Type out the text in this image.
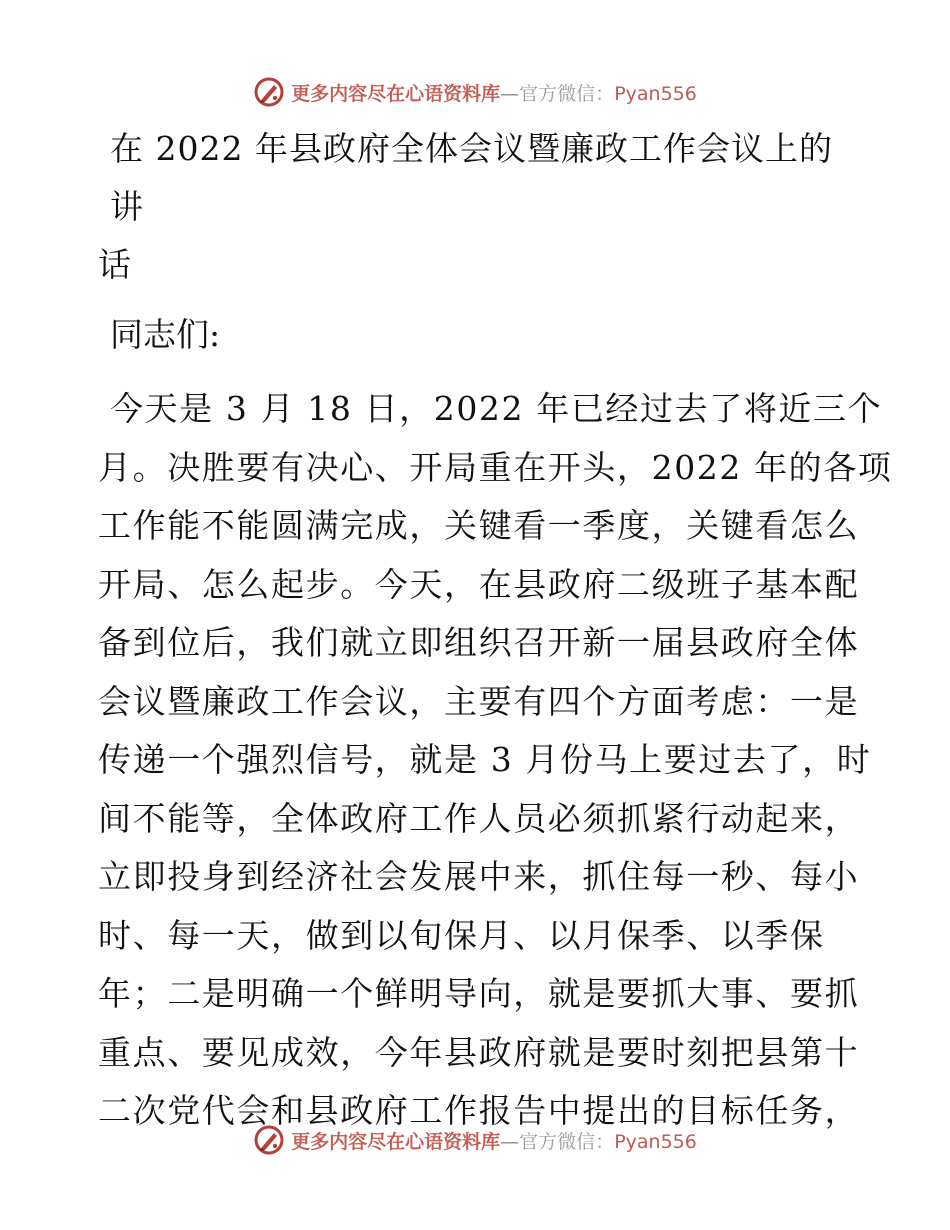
更多内容尽在心语资料库—官方微信：Pyan556
在 2022 年县政府全体会议暨廉政工作会议上的讲
话
同志们:
今天是 3 月 18 日，2022 年已经过去了将近三个
月。决胜要有决心、开局重在开头，2022 年的各项
工作能不能圆满完成，关键看一季度，关键看怎么
开局、怎么起步。今天，在县政府二级班子基本配
备到位后，我们就立即组织召开新一届县政府全体
会议暨廉政工作会议，主要有四个方面考虑：一是
传递一个强烈信号，就是 3 月份马上要过去了，时
间不能等，全体政府工作人员必须抓紧行动起来，
立即投身到经济社会发展中来，抓住每一秒、每小
时、每一天，做到以旬保月、以月保季、以季保
年；二是明确一个鲜明导向，就是要抓大事、要抓
重点、要见成效，今年县政府就是要时刻把县第十
二次党代会和县政府工作报告中提出的目标任务，
更多内容尽在心语资料库—官方微信：Pyan556
